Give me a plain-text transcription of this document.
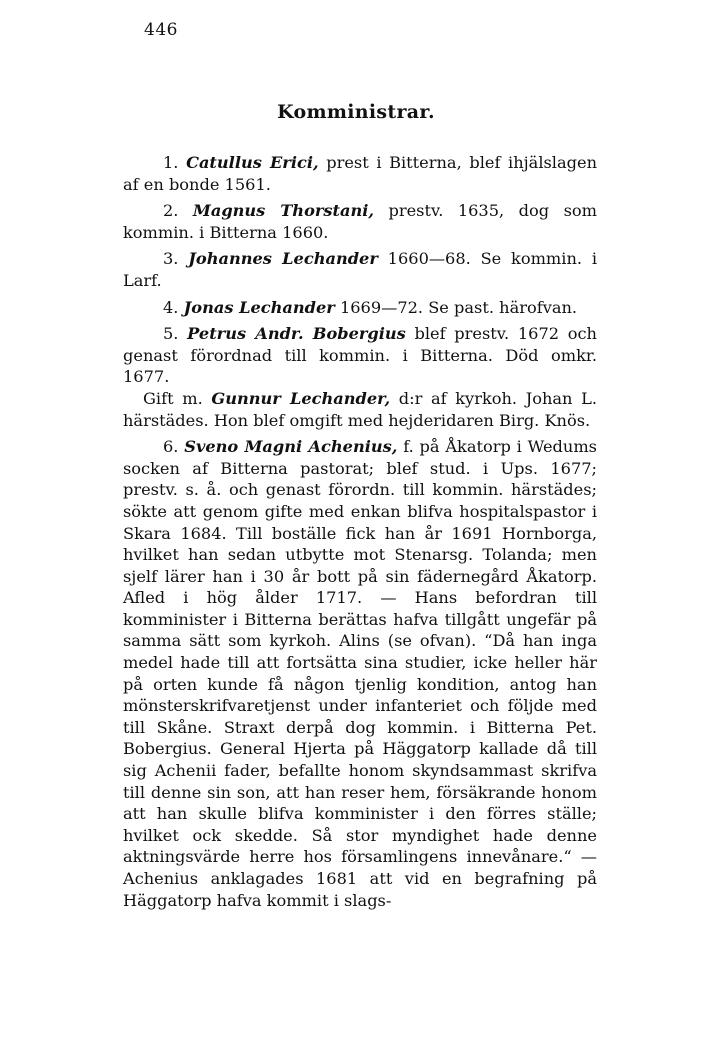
446
Komministrar.

1. Catullus Erici, prest i Bitterna, blef ihjälslagen af en bonde 1561.

2. Magnus Thorstani, prestv. 1635, dog som kommin. i Bitterna 1660.

3. Johannes Lechander 1660—68. Se kommin. i Larf.

4. Jonas Lechander 1669—72. Se past. härofvan.

5. Petrus Andr. Bobergius blef prestv. 1672 och genast förordnad till kommin. i Bitterna. Död omkr. 1677.

Gift m. Gunnur Lechander, d:r af kyrkoh. Johan L. härstädes. Hon blef omgift med hejderidaren Birg. Knös.

6. Sveno Magni Achenius, f. på Åkatorp i Wedums socken af Bitterna pastorat; blef stud. i Ups. 1677; prestv. s. å. och genast förordn. till kommin. härstädes; sökte att genom gifte med enkan blifva hospitalspastor i Skara 1684. Till boställe fick han år 1691 Hornborga, hvilket han sedan utbytte mot Stenarsg. Tolanda; men sjelf lärer han i 30 år bott på sin fädernegård Åkatorp. Afled i hög ålder 1717. — Hans befordran till komminister i Bitterna berättas hafva tillgått ungefär på samma sätt som kyrkoh. Alins (se ofvan). “Då han inga medel hade till att fortsätta sina studier, icke heller här på orten kunde få någon tjenlig kondition, antog han mönsterskrifvaretjenst under infanteriet och följde med till Skåne. Straxt derpå dog kommin. i Bitterna Pet. Bobergius. General Hjerta på Häggatorp kallade då till sig Achenii fader, befallte honom skyndsammast skrifva till denne sin son, att han reser hem, försäkrande honom att han skulle blifva komminister i den förres ställe; hvilket ock skedde. Så stor myndighet hade denne aktningsvärde herre hos församlingens innevånare.“ — Achenius anklagades 1681 att vid en begrafning på Häggatorp hafva kommit i slags-
